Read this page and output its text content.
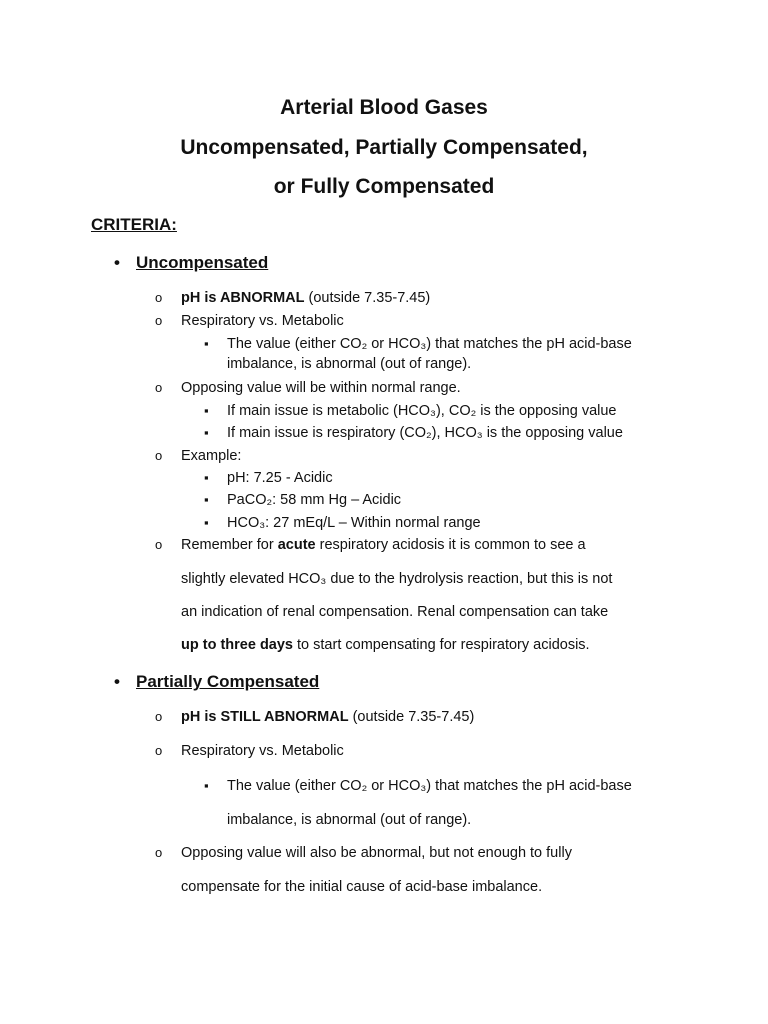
Arterial Blood Gases
Uncompensated, Partially Compensated,
or Fully Compensated
CRITERIA:
• Uncompensated
o pH is ABNORMAL (outside 7.35-7.45)
o Respiratory vs. Metabolic
▪The value (either CO₂ or HCO₃) that matches the pH acid-base
imbalance, is abnormal (out of range).
o Opposing value will be within normal range.
▪If main issue is metabolic (HCO₃), CO₂ is the opposing value
▪If main issue is respiratory (CO₂), HCO₃ is the opposing value
o Example:
▪pH: 7.25 - Acidic
▪PaCO₂: 58 mm Hg – Acidic
▪HCO₃: 27 mEq/L – Within normal range
o Remember for acute respiratory acidosis it is common to see a
slightly elevated HCO₃ due to the hydrolysis reaction, but this is not
an indication of renal compensation. Renal compensation can take
up to three days to start compensating for respiratory acidosis.
• Partially Compensated
o pH is STILL ABNORMAL (outside 7.35-7.45)
o Respiratory vs. Metabolic
▪The value (either CO₂ or HCO₃) that matches the pH acid-base
imbalance, is abnormal (out of range).
o Opposing value will also be abnormal, but not enough to fully
compensate for the initial cause of acid-base imbalance.
